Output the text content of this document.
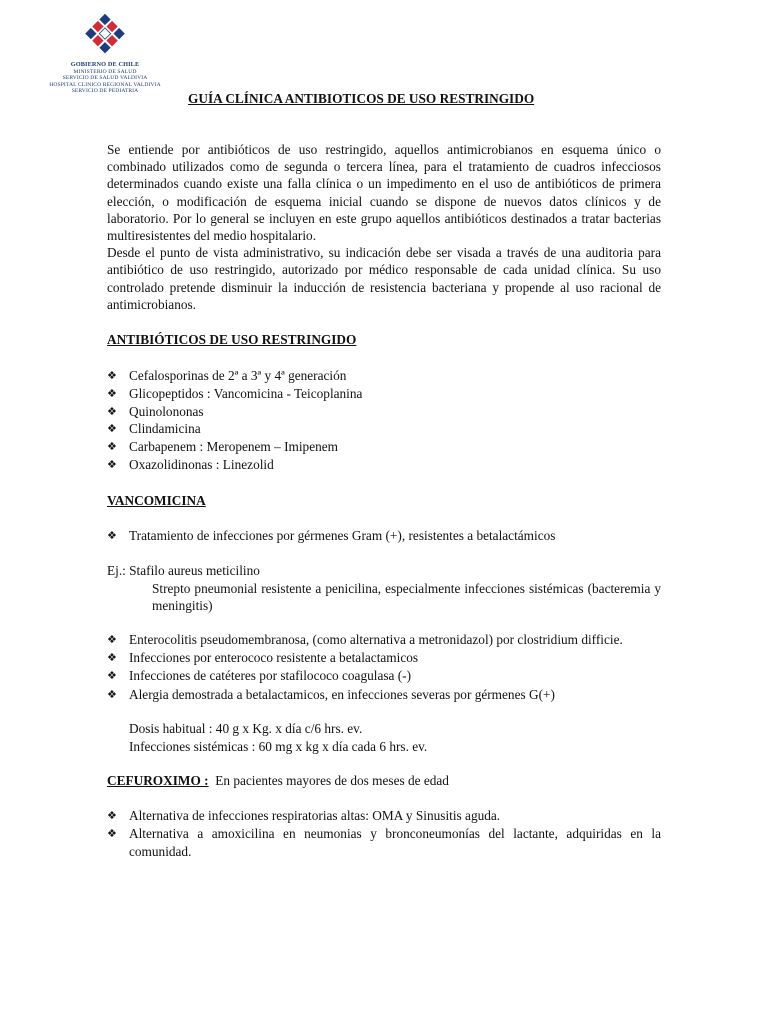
GOBIERNO DE CHILE
MINISTERIO DE SALUD
SERVICIO DE SALUD VALDIVIA
HOSPITAL CLINICO REGIONAL VALDIVIA
SERVICIO DE PEDIATRIA	GUÍA CLÍNICA ANTIBIOTICOS DE USO RESTRINGIDO

Se entiende por antibióticos de uso restringido, aquellos antimicrobianos en esquema único o combinado utilizados como de segunda o tercera línea, para el tratamiento de cuadros infecciosos determinados cuando existe una falla clínica o un impedimento en el uso de antibióticos de primera elección, o modificación de esquema inicial cuando se dispone de nuevos datos clínicos y de laboratorio. Por lo general se incluyen en este grupo aquellos antibióticos destinados a tratar bacterias multiresistentes del medio hospitalario.

Desde el punto de vista administrativo, su indicación debe ser visada a través de una auditoria para antibiótico de uso restringido, autorizado por médico responsable de cada unidad clínica. Su uso controlado pretende disminuir la inducción de resistencia bacteriana y propende al uso racional de antimicrobianos.

ANTIBIÓTICOS DE USO RESTRINGIDO
❖ Cefalosporinas de 2ª a 3ª y 4ª generación
❖ Glicopeptidos : Vancomicina - Teicoplanina
❖ Quinolononas
❖ Clindamicina
❖ Carbapenem : Meropenem – Imipenem
❖ Oxazolidinonas : Linezolid
VANCOMICINA
❖ Tratamiento de infecciones por gérmenes Gram (+), resistentes a betalactámicos
Ej.: Stafilo aureus meticilino

Strepto pneumonial resistente a penicilina, especialmente infecciones sistémicas (bacteremia y meningitis)

❖ Enterocolitis pseudomembranosa, (como alternativa a metronidazol) por clostridium difficie.
❖ Infecciones por enterococo resistente a betalactamicos
❖ Infecciones de catéteres por stafilococo coagulasa (-)
❖ Alergia demostrada a betalactamicos, en infecciones severas por gérmenes G(+)
Dosis habitual : 40 g x Kg. x día c/6 hrs. ev.
Infecciones sistémicas : 60 mg x kg x día cada 6 hrs. ev.
CEFUROXIMO : En pacientes mayores de dos meses de edad
❖ Alternativa de infecciones respiratorias altas: OMA y Sinusitis aguda.
❖ Alternativa a amoxicilina en neumonias y bronconeumonías del lactante, adquiridas en la comunidad.
